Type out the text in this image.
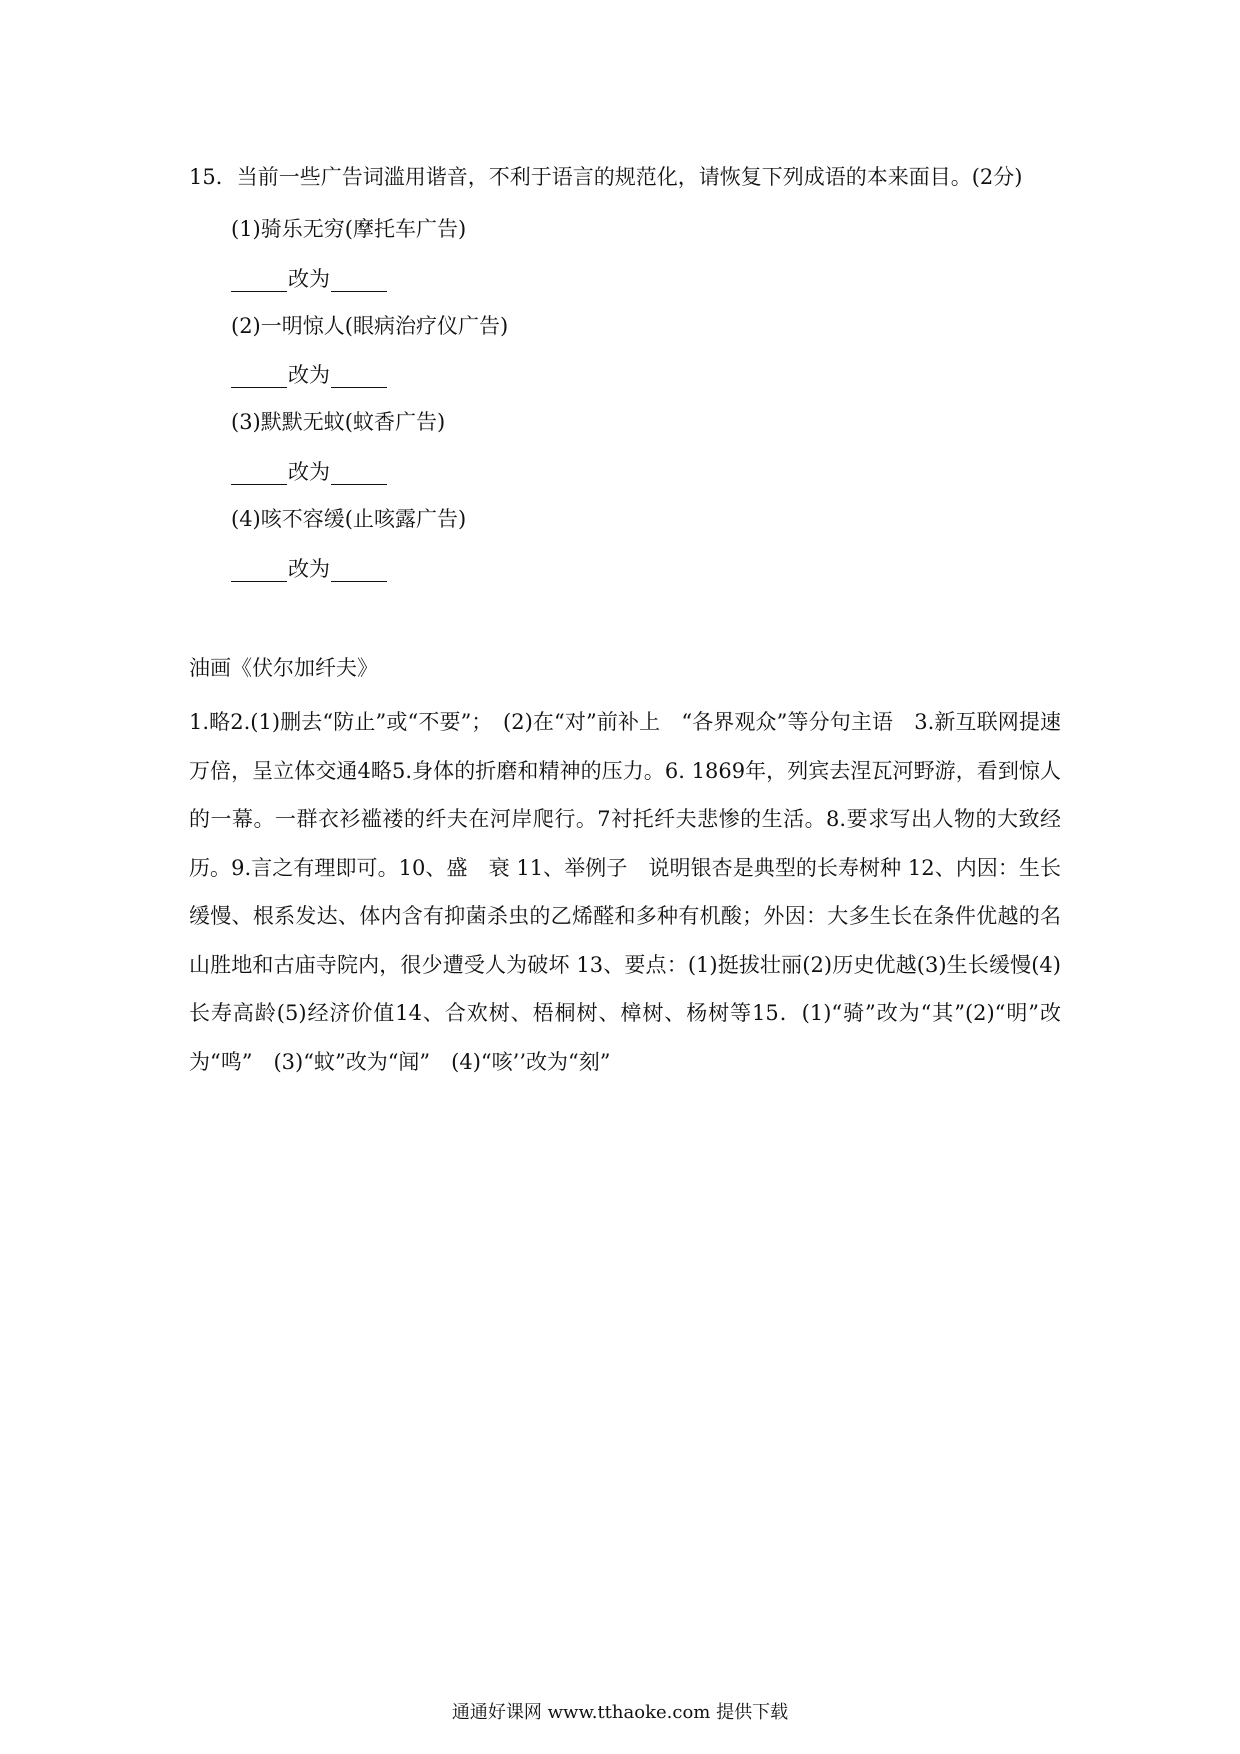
15．当前一些广告词滥用谐音，不利于语言的规范化，请恢复下列成语的本来面目。(2分)
(1)骑乐无穷(摩托车广告)
改为
(2)一明惊人(眼病治疗仪广告)
改为
(3)默默无蚊(蚊香广告)
改为
(4)咳不容缓(止咳露广告)
改为
油画《伏尔加纤夫》
1.略2.(1)删去“防止”或“不要”；　(2)在“对”前补上　“各界观众”等分句主语　3.新互联网提速万倍，呈立体交通4略5.身体的折磨和精神的压力。6. 1869年，列宾去涅瓦河野游，看到惊人的一幕。一群衣衫褴褛的纤夫在河岸爬行。7衬托纤夫悲惨的生活。8.要求写出人物的大致经历。9.言之有理即可。10、盛　衰 11、举例子　说明银杏是典型的长寿树种 12、内因：生长缓慢、根系发达、体内含有抑菌杀虫的乙烯醛和多种有机酸；外因：大多生长在条件优越的名山胜地和古庙寺院内，很少遭受人为破坏 13、要点：(1)挺拔壮丽(2)历史优越(3)生长缓慢(4)长寿高龄(5)经济价值14、合欢树、梧桐树、樟树、杨树等15．(1)“骑”改为“其”(2)“明”改为“鸣”　(3)“蚊”改为“闻”　(4)“咳’’改为“刻”
通通好课网 www.tthaoke.com 提供下载
